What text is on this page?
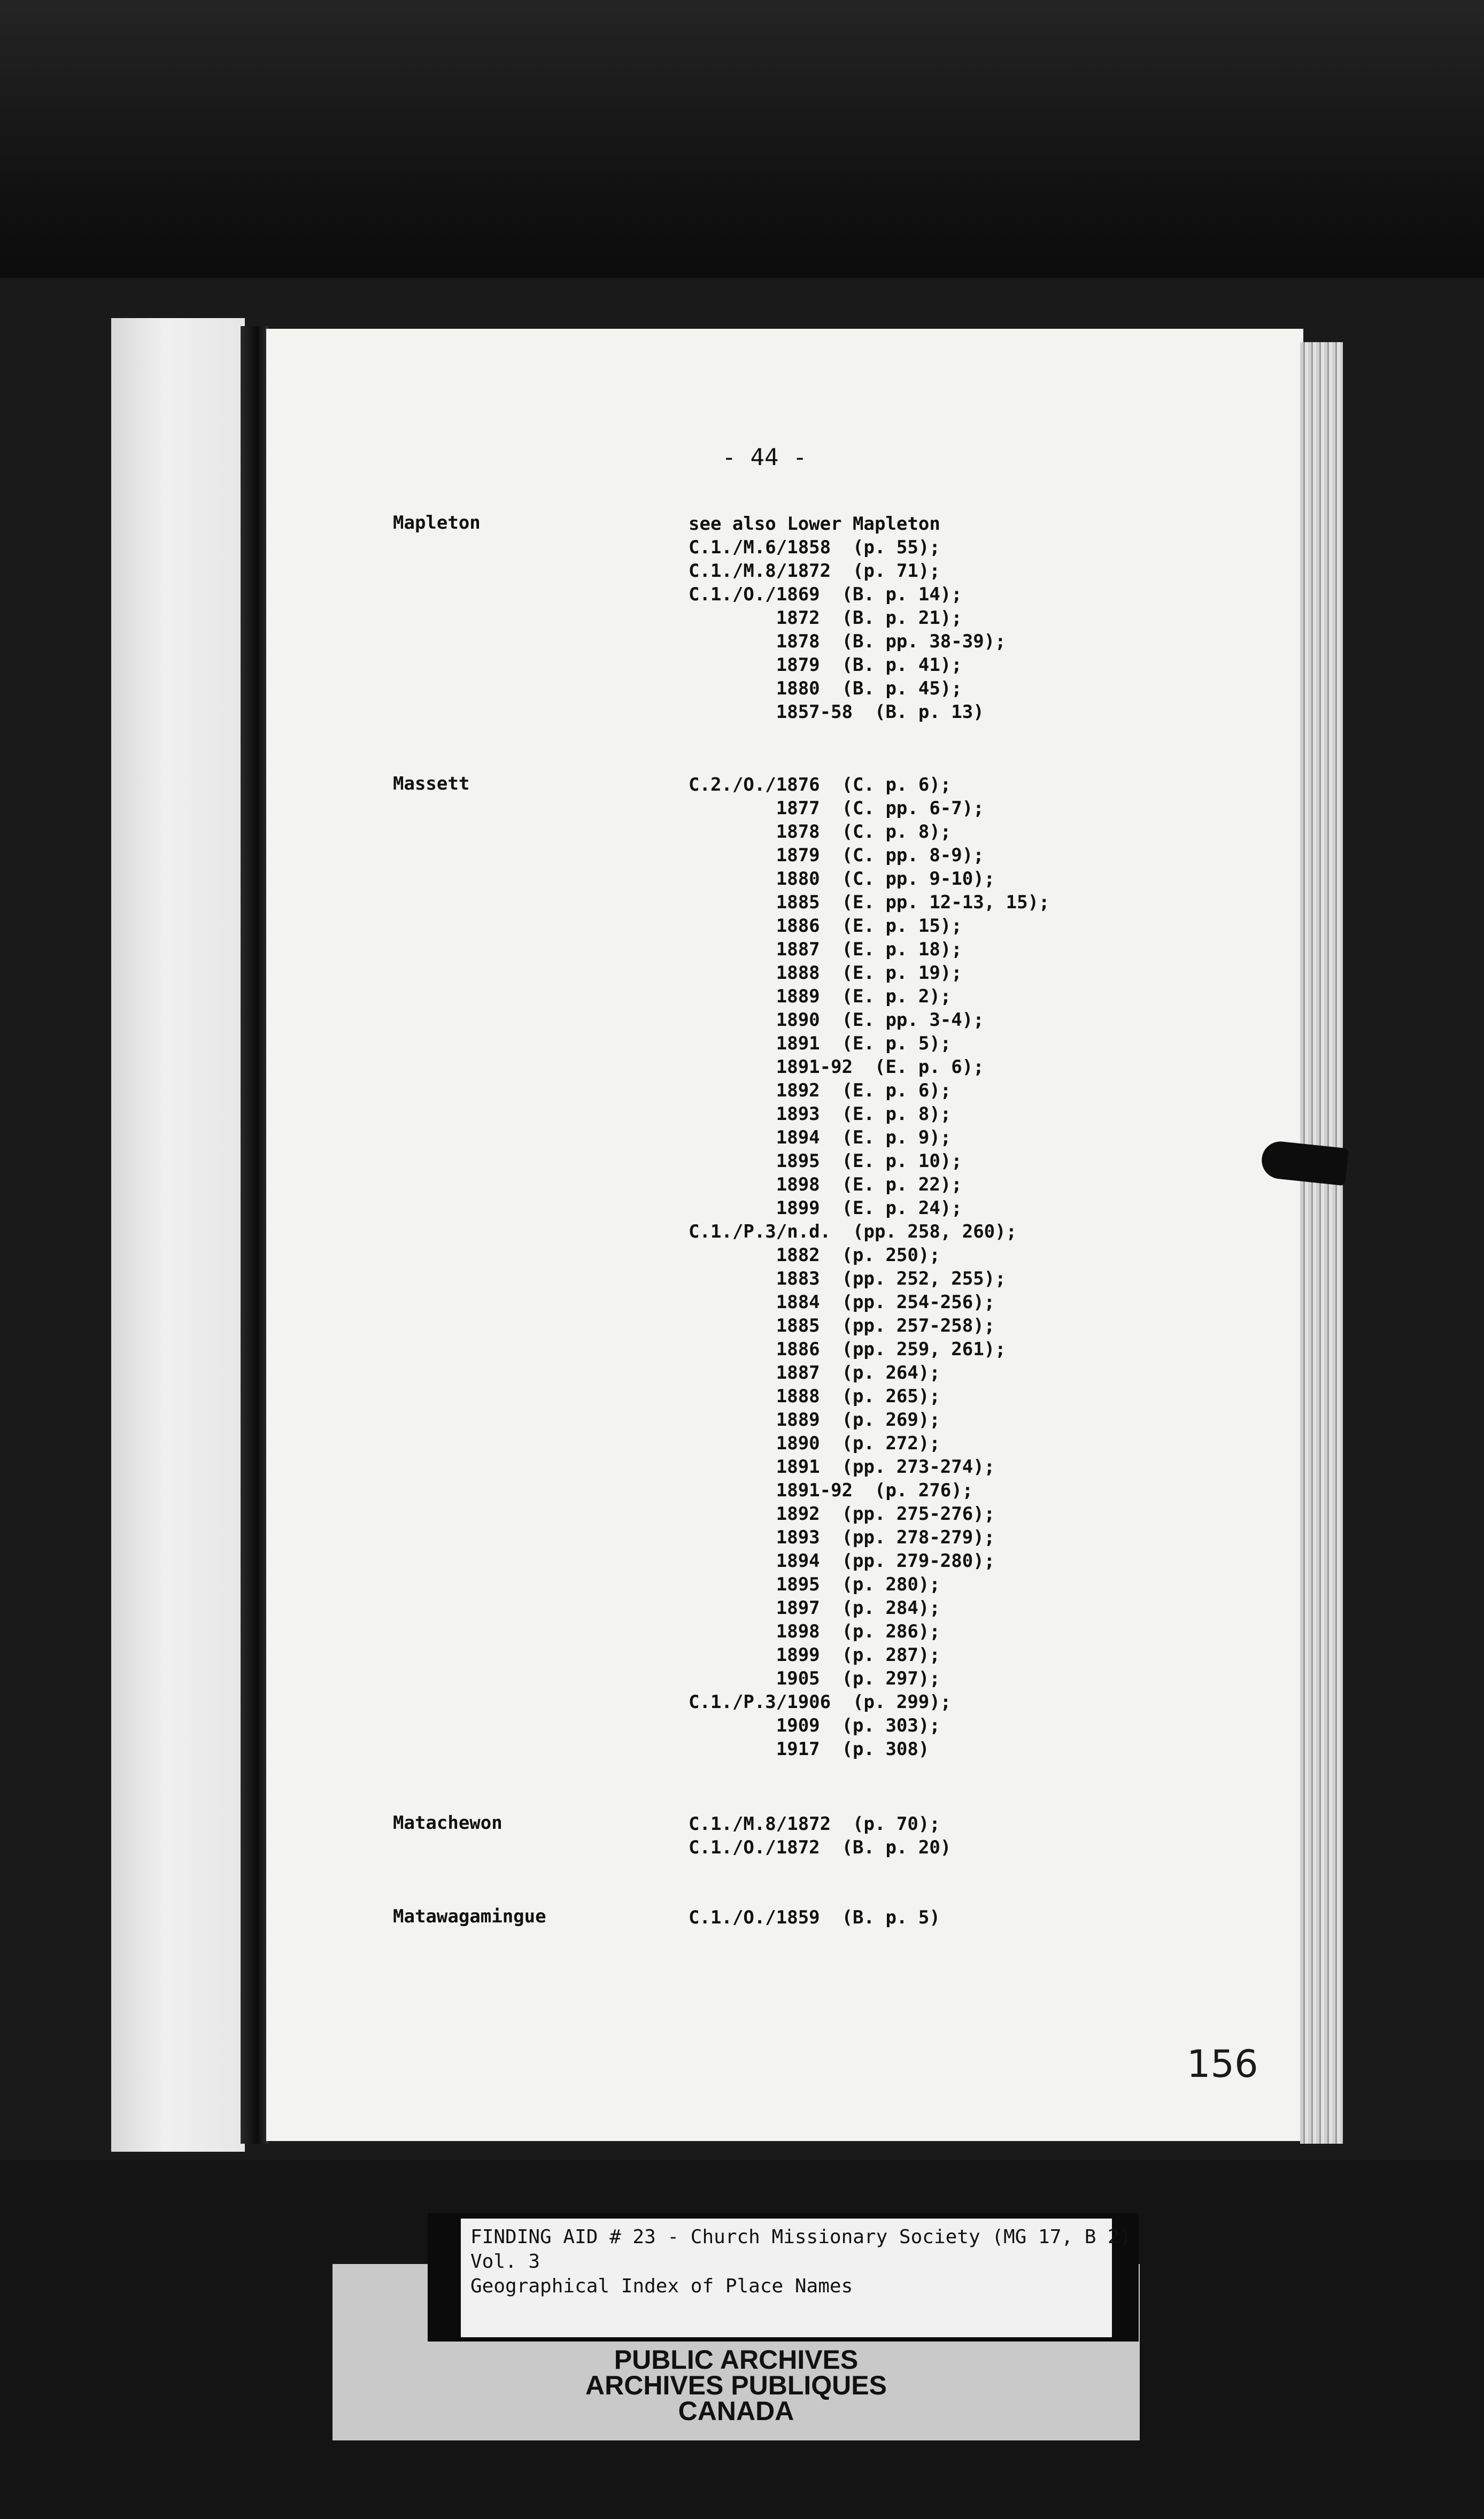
- 44 -
Mapleton	see also Lower Mapleton
C.1./M.6/1858  (p. 55);
C.1./M.8/1872  (p. 71);
C.1./O./1869  (B. p. 14);
1872  (B. p. 21);
1878  (B. pp. 38-39);
1879  (B. p. 41);
1880  (B. p. 45);
1857-58  (B. p. 13)
Massett	C.2./O./1876  (C. p. 6);
1877  (C. pp. 6-7);
1878  (C. p. 8);
1879  (C. pp. 8-9);
1880  (C. pp. 9-10);
1885  (E. pp. 12-13, 15);
1886  (E. p. 15);
1887  (E. p. 18);
1888  (E. p. 19);
1889  (E. p. 2);
1890  (E. pp. 3-4);
1891  (E. p. 5);
1891-92  (E. p. 6);
1892  (E. p. 6);
1893  (E. p. 8);
1894  (E. p. 9);
1895  (E. p. 10);
1898  (E. p. 22);
1899  (E. p. 24);
C.1./P.3/n.d.  (pp. 258, 260);
1882  (p. 250);
1883  (pp. 252, 255);
1884  (pp. 254-256);
1885  (pp. 257-258);
1886  (pp. 259, 261);
1887  (p. 264);
1888  (p. 265);
1889  (p. 269);
1890  (p. 272);
1891  (pp. 273-274);
1891-92  (p. 276);
1892  (pp. 275-276);
1893  (pp. 278-279);
1894  (pp. 279-280);
1895  (p. 280);
1897  (p. 284);
1898  (p. 286);
1899  (p. 287);
1905  (p. 297);
C.1./P.3/1906  (p. 299);
1909  (p. 303);
1917  (p. 308)
Matachewon	C.1./M.8/1872  (p. 70);
C.1./O./1872  (B. p. 20)
Matawagamingue	C.1./O./1859  (B. p. 5)
156
FINDING AID # 23 - Church Missionary Society (MG 17, B 2)
Vol. 3
Geographical Index of Place Names
PUBLIC ARCHIVES
ARCHIVES PUBLIQUES
CANADA
